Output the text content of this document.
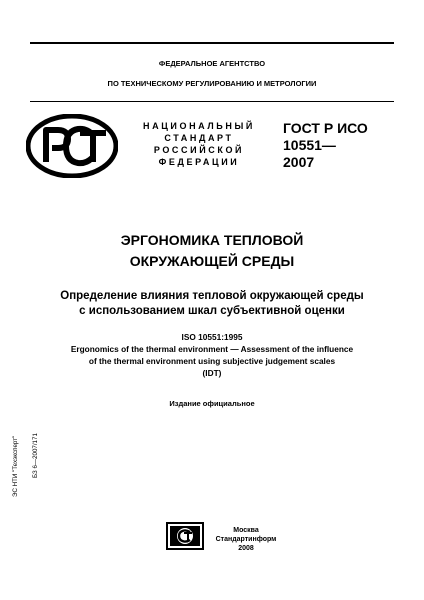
ФЕДЕРАЛЬНОЕ АГЕНТСТВО
ПО ТЕХНИЧЕСКОМУ РЕГУЛИРОВАНИЮ И МЕТРОЛОГИИ
НАЦИОНАЛЬНЫЙ
СТАНДАРТ
РОССИЙСКОЙ
ФЕДЕРАЦИИ
ГОСТ Р ИСО
10551—
2007
ЭРГОНОМИКА ТЕПЛОВОЙ
ОКРУЖАЮЩЕЙ СРЕДЫ
Определение влияния тепловой окружающей среды
с использованием шкал субъективной оценки
ISO 10551:1995
Ergonomics of the thermal environment — Assessment of the influence
of the thermal environment using subjective judgement scales
(IDT)
Издание официальное
ЭС НТИ "Техэксперт" БЗ 6—2007/171
Москва
Стандартинформ
2008
